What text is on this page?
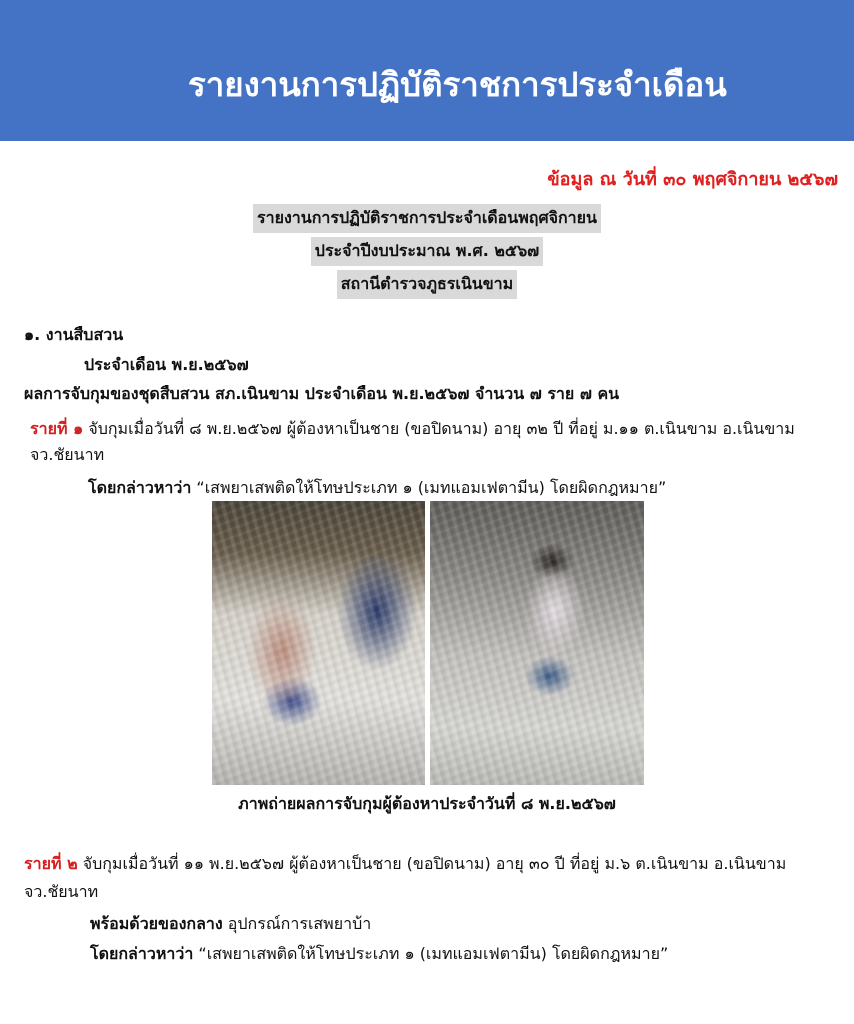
รายงานการปฏิบัติราชการประจำเดือน
ข้อมูล ณ วันที่ ๓๐ พฤศจิกายน ๒๕๖๗
รายงานการปฏิบัติราชการประจำเดือนพฤศจิกายน
ประจำปีงบประมาณ พ.ศ. ๒๕๖๗
สถานีตำรวจภูธรเนินขาม
๑. งานสืบสวน
ประจำเดือน พ.ย.๒๕๖๗
ผลการจับกุมของชุดสืบสวน สภ.เนินขาม ประจำเดือน พ.ย.๒๕๖๗ จำนวน ๗ ราย ๗ คน
รายที่ ๑ จับกุมเมื่อวันที่ ๘ พ.ย.๒๕๖๗ ผู้ต้องหาเป็นชาย (ขอปิดนาม) อายุ ๓๒ ปี ที่อยู่ ม.๑๑ ต.เนินขาม อ.เนินขาม
จว.ชัยนาท
โดยกล่าวหาว่า “เสพยาเสพติดให้โทษประเภท ๑ (เมทแอมเฟตามีน) โดยผิดกฎหมาย”
ภาพถ่ายผลการจับกุมผู้ต้องหาประจำวันที่ ๘ พ.ย.๒๕๖๗
รายที่ ๒ จับกุมเมื่อวันที่ ๑๑ พ.ย.๒๕๖๗ ผู้ต้องหาเป็นชาย (ขอปิดนาม) อายุ ๓๐ ปี ที่อยู่ ม.๖ ต.เนินขาม อ.เนินขาม
จว.ชัยนาท
พร้อมด้วยของกลาง อุปกรณ์การเสพยาบ้า
โดยกล่าวหาว่า “เสพยาเสพติดให้โทษประเภท ๑ (เมทแอมเฟตามีน) โดยผิดกฎหมาย”
